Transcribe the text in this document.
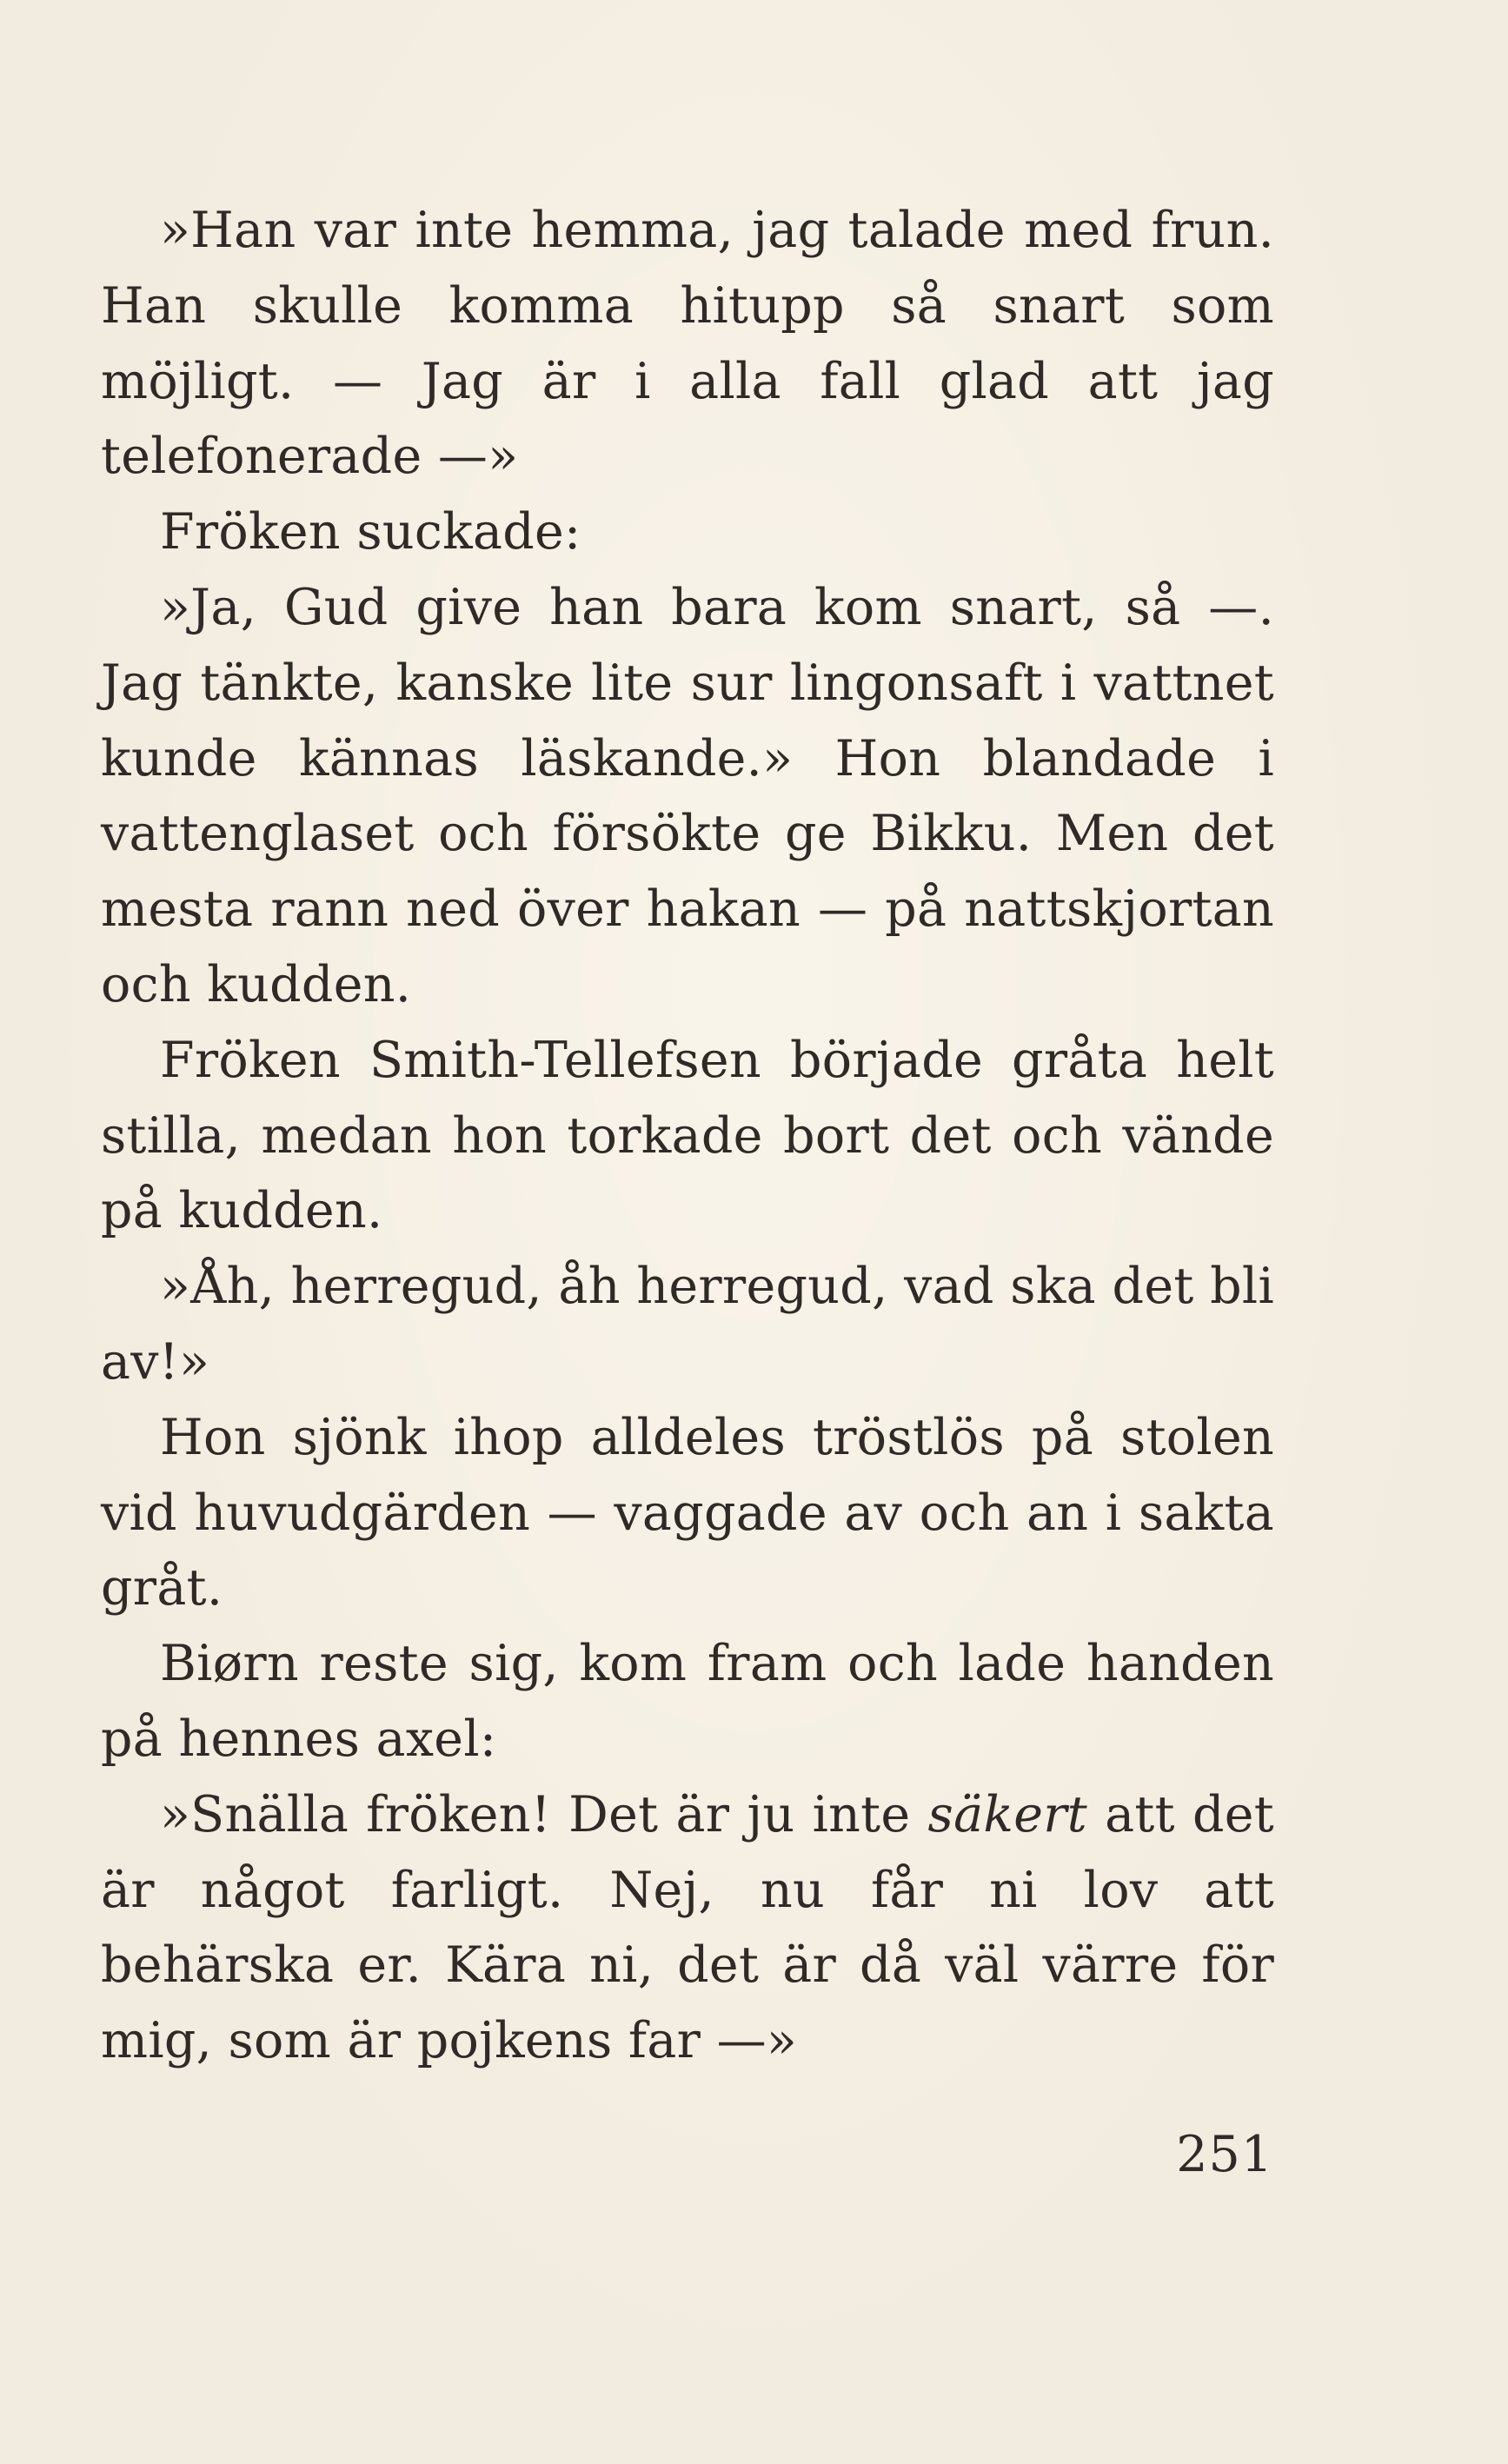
»Han var inte hemma, jag talade med frun. Han skulle komma hitupp så snart som möjligt. — Jag är i alla fall glad att jag telefonerade —»

Fröken suckade:

»Ja, Gud give han bara kom snart, så —. Jag tänkte, kanske lite sur lingonsaft i vattnet kunde kännas läskande.» Hon blandade i vattenglaset och försökte ge Bikku. Men det mesta rann ned över hakan — på nattskjortan och kudden.

Fröken Smith-Tellefsen började gråta helt stilla, medan hon torkade bort det och vände på kudden.

»Åh, herregud, åh herregud, vad ska det bli av!»

Hon sjönk ihop alldeles tröstlös på stolen vid huvudgärden — vaggade av och an i sakta gråt.

Biørn reste sig, kom fram och lade handen på hennes axel:

»Snälla fröken! Det är ju inte säkert att det är något farligt. Nej, nu får ni lov att behärska er. Kära ni, det är då väl värre för mig, som är pojkens far —»

251
